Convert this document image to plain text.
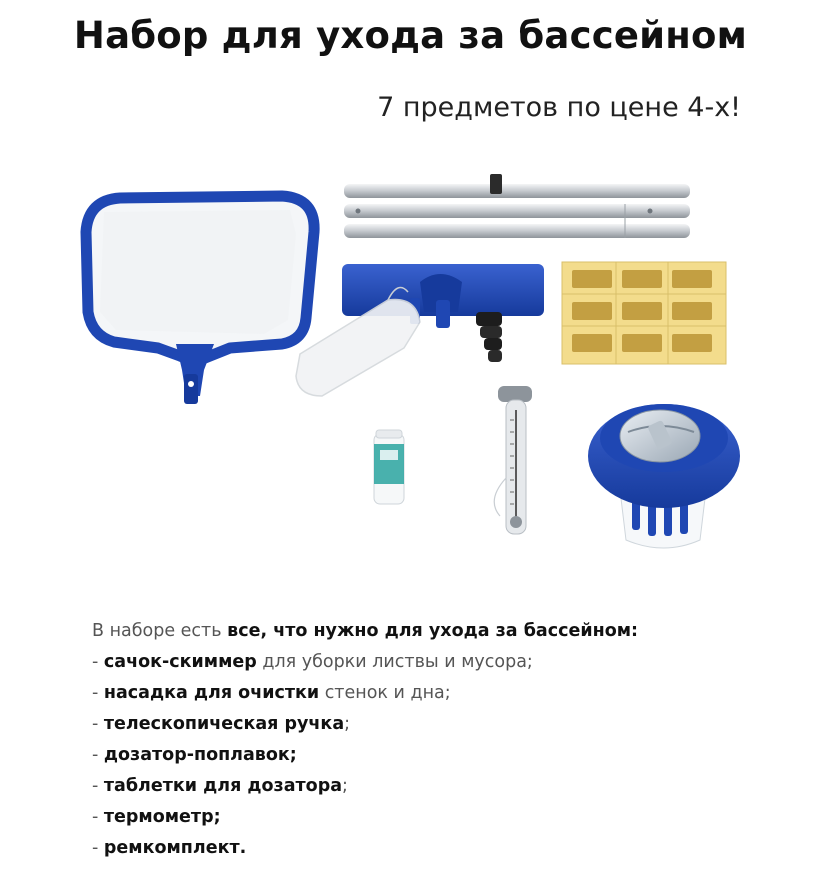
Набор для ухода за бассейном
7 предметов по цене 4-х!
В наборе есть все, что нужно для ухода за бассейном:
- сачок-скиммер для уборки листвы и мусора;
- насадка для очистки стенок и дна;
- телескопическая ручка;
- дозатор-поплавок;
- таблетки для дозатора;
- термометр;
- ремкомплект.
